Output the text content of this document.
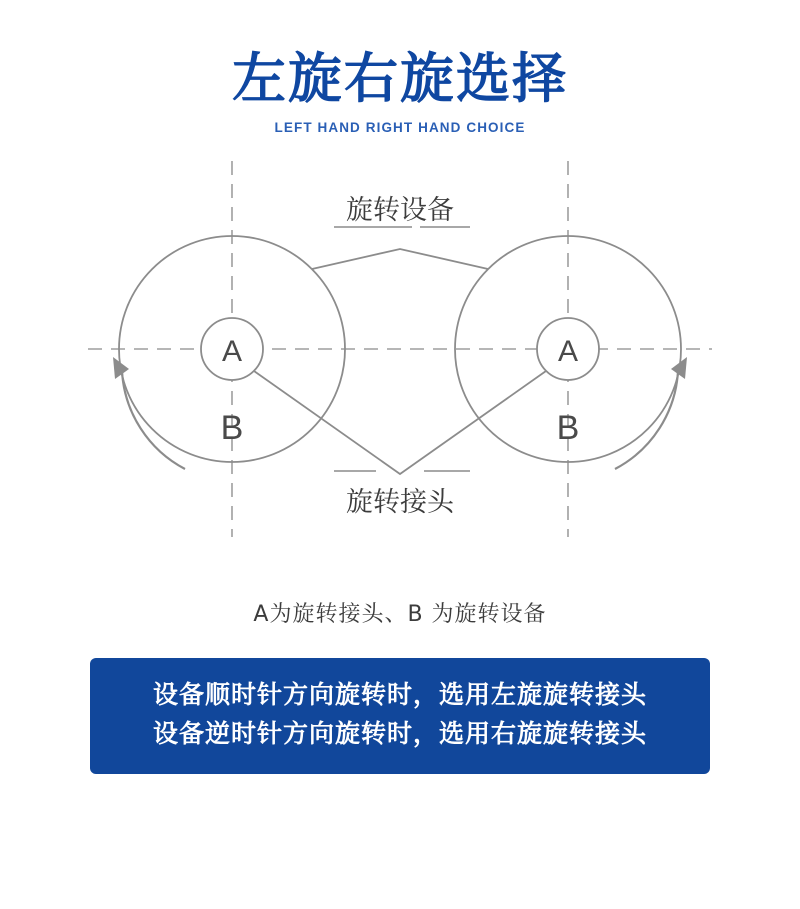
左旋右旋选择
LEFT HAND RIGHT HAND CHOICE
旋转设备
旋转接头
A	A
B	B
A为旋转接头、B 为旋转设备
设备顺时针方向旋转时，选用左旋旋转接头
设备逆时针方向旋转时，选用右旋旋转接头
